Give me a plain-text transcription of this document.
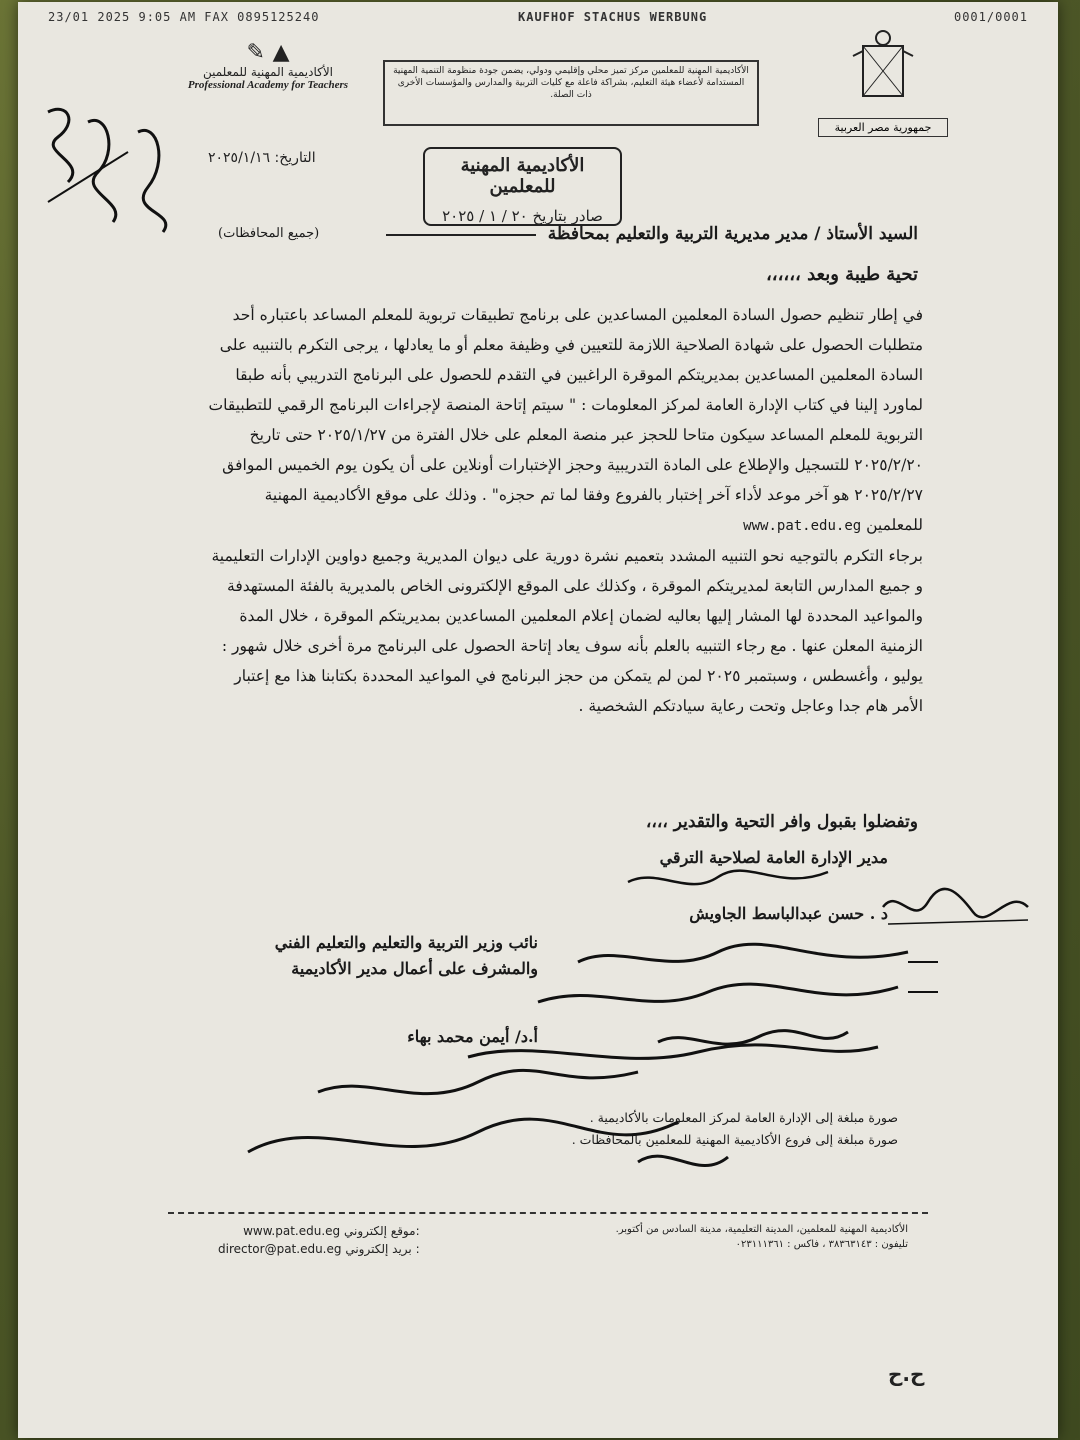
23/01 2025 9:05 AM FAX 0895125240	KAUFHOF STACHUS WERBUNG	0001/0001
✎ ▲
الأكاديمية المهنية للمعلمين
Professional Academy for Teachers
الأكاديمية المهنية للمعلمين مركز تميز محلي وإقليمي ودولي، يضمن جودة منظومة التنمية المهنية المستدامة لأعضاء هيئة التعليم، بشراكة فاعلة مع كليات التربية والمدارس والمؤسسات الأخرى ذات الصلة.
جمهورية مصر العربية
التاريخ: ٢٠٢٥/١/١٦	الأكاديمية المهنية للمعلمين
صادر بتاريخ ٢٠ / ١ / ٢٠٢٥
السيد الأستاذ / مدير مديرية التربية والتعليم بمحافظة
(جميع المحافظات)
تحية طيبة وبعد ،،،،،،

في إطار تنظيم حصول السادة المعلمين المساعدين على برنامج تطبيقات تربوية للمعلم المساعد باعتباره أحد متطلبات الحصول على شهادة الصلاحية اللازمة للتعيين في وظيفة معلم أو ما يعادلها ، يرجى التكرم بالتنبيه على السادة المعلمين المساعدين بمديريتكم الموقرة الراغبين في التقدم للحصول على البرنامج التدريبي بأنه طبقا لماورد إلينا في كتاب الإدارة العامة لمركز المعلومات : " سيتم إتاحة المنصة لإجراءات البرنامج الرقمي للتطبيقات التربوية للمعلم المساعد سيكون متاحا للحجز عبر منصة المعلم على خلال الفترة من ٢٠٢٥/١/٢٧ حتى تاريخ ٢٠٢٥/٢/٢٠ للتسجيل والإطلاع على المادة التدريبية وحجز الإختبارات أونلاين على أن يكون يوم الخميس الموافق ٢٠٢٥/٢/٢٧ هو آخر موعد لأداء آخر إختبار بالفروع وفقا لما تم حجزه" . وذلك على موقع الأكاديمية المهنية للمعلمين www.pat.edu.eg

برجاء التكرم بالتوجيه نحو التنبيه المشدد بتعميم نشرة دورية على ديوان المديرية وجميع دواوين الإدارات التعليمية و جميع المدارس التابعة لمديريتكم الموقرة ، وكذلك على الموقع الإلكترونى الخاص بالمديرية بالفئة المستهدفة والمواعيد المحددة لها المشار إليها بعاليه لضمان إعلام المعلمين المساعدين بمديريتكم الموقرة ، خلال المدة الزمنية المعلن عنها . مع رجاء التنبيه بالعلم بأنه سوف يعاد إتاحة الحصول على البرنامج مرة أخرى خلال شهور : يوليو ، وأغسطس ، وسبتمبر ٢٠٢٥ لمن لم يتمكن من حجز البرنامج في المواعيد المحددة بكتابنا هذا مع إعتبار الأمر هام جدا وعاجل وتحت رعاية سيادتكم الشخصية .

وتفضلوا بقبول وافر التحية والتقدير ،،،،
مدير الإدارة العامة لصلاحية الترقي
د . حسن عبدالباسط الجاويش
نائب وزير التربية والتعليم والتعليم الفني
والمشرف على أعمال مدير الأكاديمية
أ.د/ أيمن محمد بهاء
صورة مبلغة إلى الإدارة العامة لمركز المعلومات بالأكاديمية .
صورة مبلغة إلى فروع الأكاديمية المهنية للمعلمين بالمحافظات .
www.pat.edu.eg موقع إلكتروني:
director@pat.edu.eg بريد إلكتروني :
الأكاديمية المهنية للمعلمين، المدينة التعليمية، مدينة السادس من أكتوبر.
تليفون : ٣٨٣٦٣١٤٣ ، فاكس : ٠٢٣١١١٣٦١
ح.ح
